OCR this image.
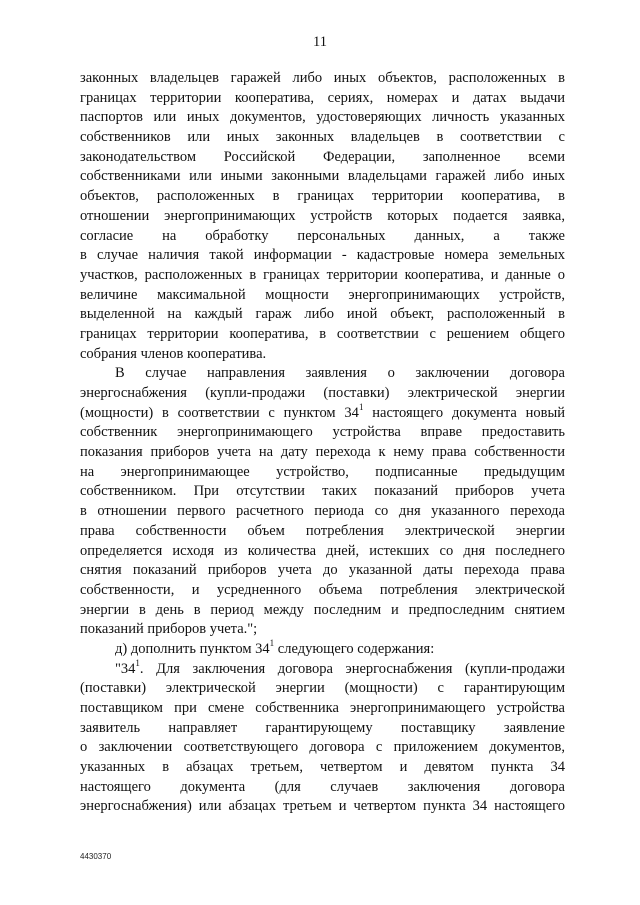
11
законных владельцев гаражей либо иных объектов, расположенных в
границах территории кооператива, сериях, номерах и датах выдачи
паспортов или иных документов, удостоверяющих личность указанных
собственников или иных законных владельцев в соответствии с
законодательством Российской Федерации, заполненное всеми
собственниками или иными законными владельцами гаражей либо иных
объектов, расположенных в границах территории кооператива, в
отношении энергопринимающих устройств которых подается заявка,
согласие на обработку персональных данных, а также
в случае наличия такой информации - кадастровые номера земельных
участков, расположенных в границах территории кооператива, и данные о
величине максимальной мощности энергопринимающих устройств,
выделенной на каждый гараж либо иной объект, расположенный в
границах территории кооператива, в соответствии с решением общего
собрания членов кооператива.
В случае направления заявления о заключении договора
энергоснабжения (купли-продажи (поставки) электрической энергии
(мощности) в соответствии с пунктом $34^1$ настоящего документа новый
собственник энергопринимающего устройства вправе предоставить
показания приборов учета на дату перехода к нему права собственности
на энергопринимающее устройство, подписанные предыдущим
собственником. При отсутствии таких показаний приборов учета
в отношении первого расчетного периода со дня указанного перехода
права собственности объем потребления электрической энергии
определяется исходя из количества дней, истекших со дня последнего
снятия показаний приборов учета до указанной даты перехода права
собственности, и усредненного объема потребления электрической
энергии в день в период между последним и предпоследним снятием
показаний приборов учета.";
д) дополнить пунктом $34^1$ следующего содержания:
"$34^1$. Для заключения договора энергоснабжения (купли-продажи
(поставки) электрической энергии (мощности) с гарантирующим
поставщиком при смене собственника энергопринимающего устройства
заявитель направляет гарантирующему поставщику заявление
о заключении соответствующего договора с приложением документов,
указанных в абзацах третьем, четвертом и девятом пункта 34
настоящего документа (для случаев заключения договора
энергоснабжения) или абзацах третьем и четвертом пункта 34 настоящего
4430370
